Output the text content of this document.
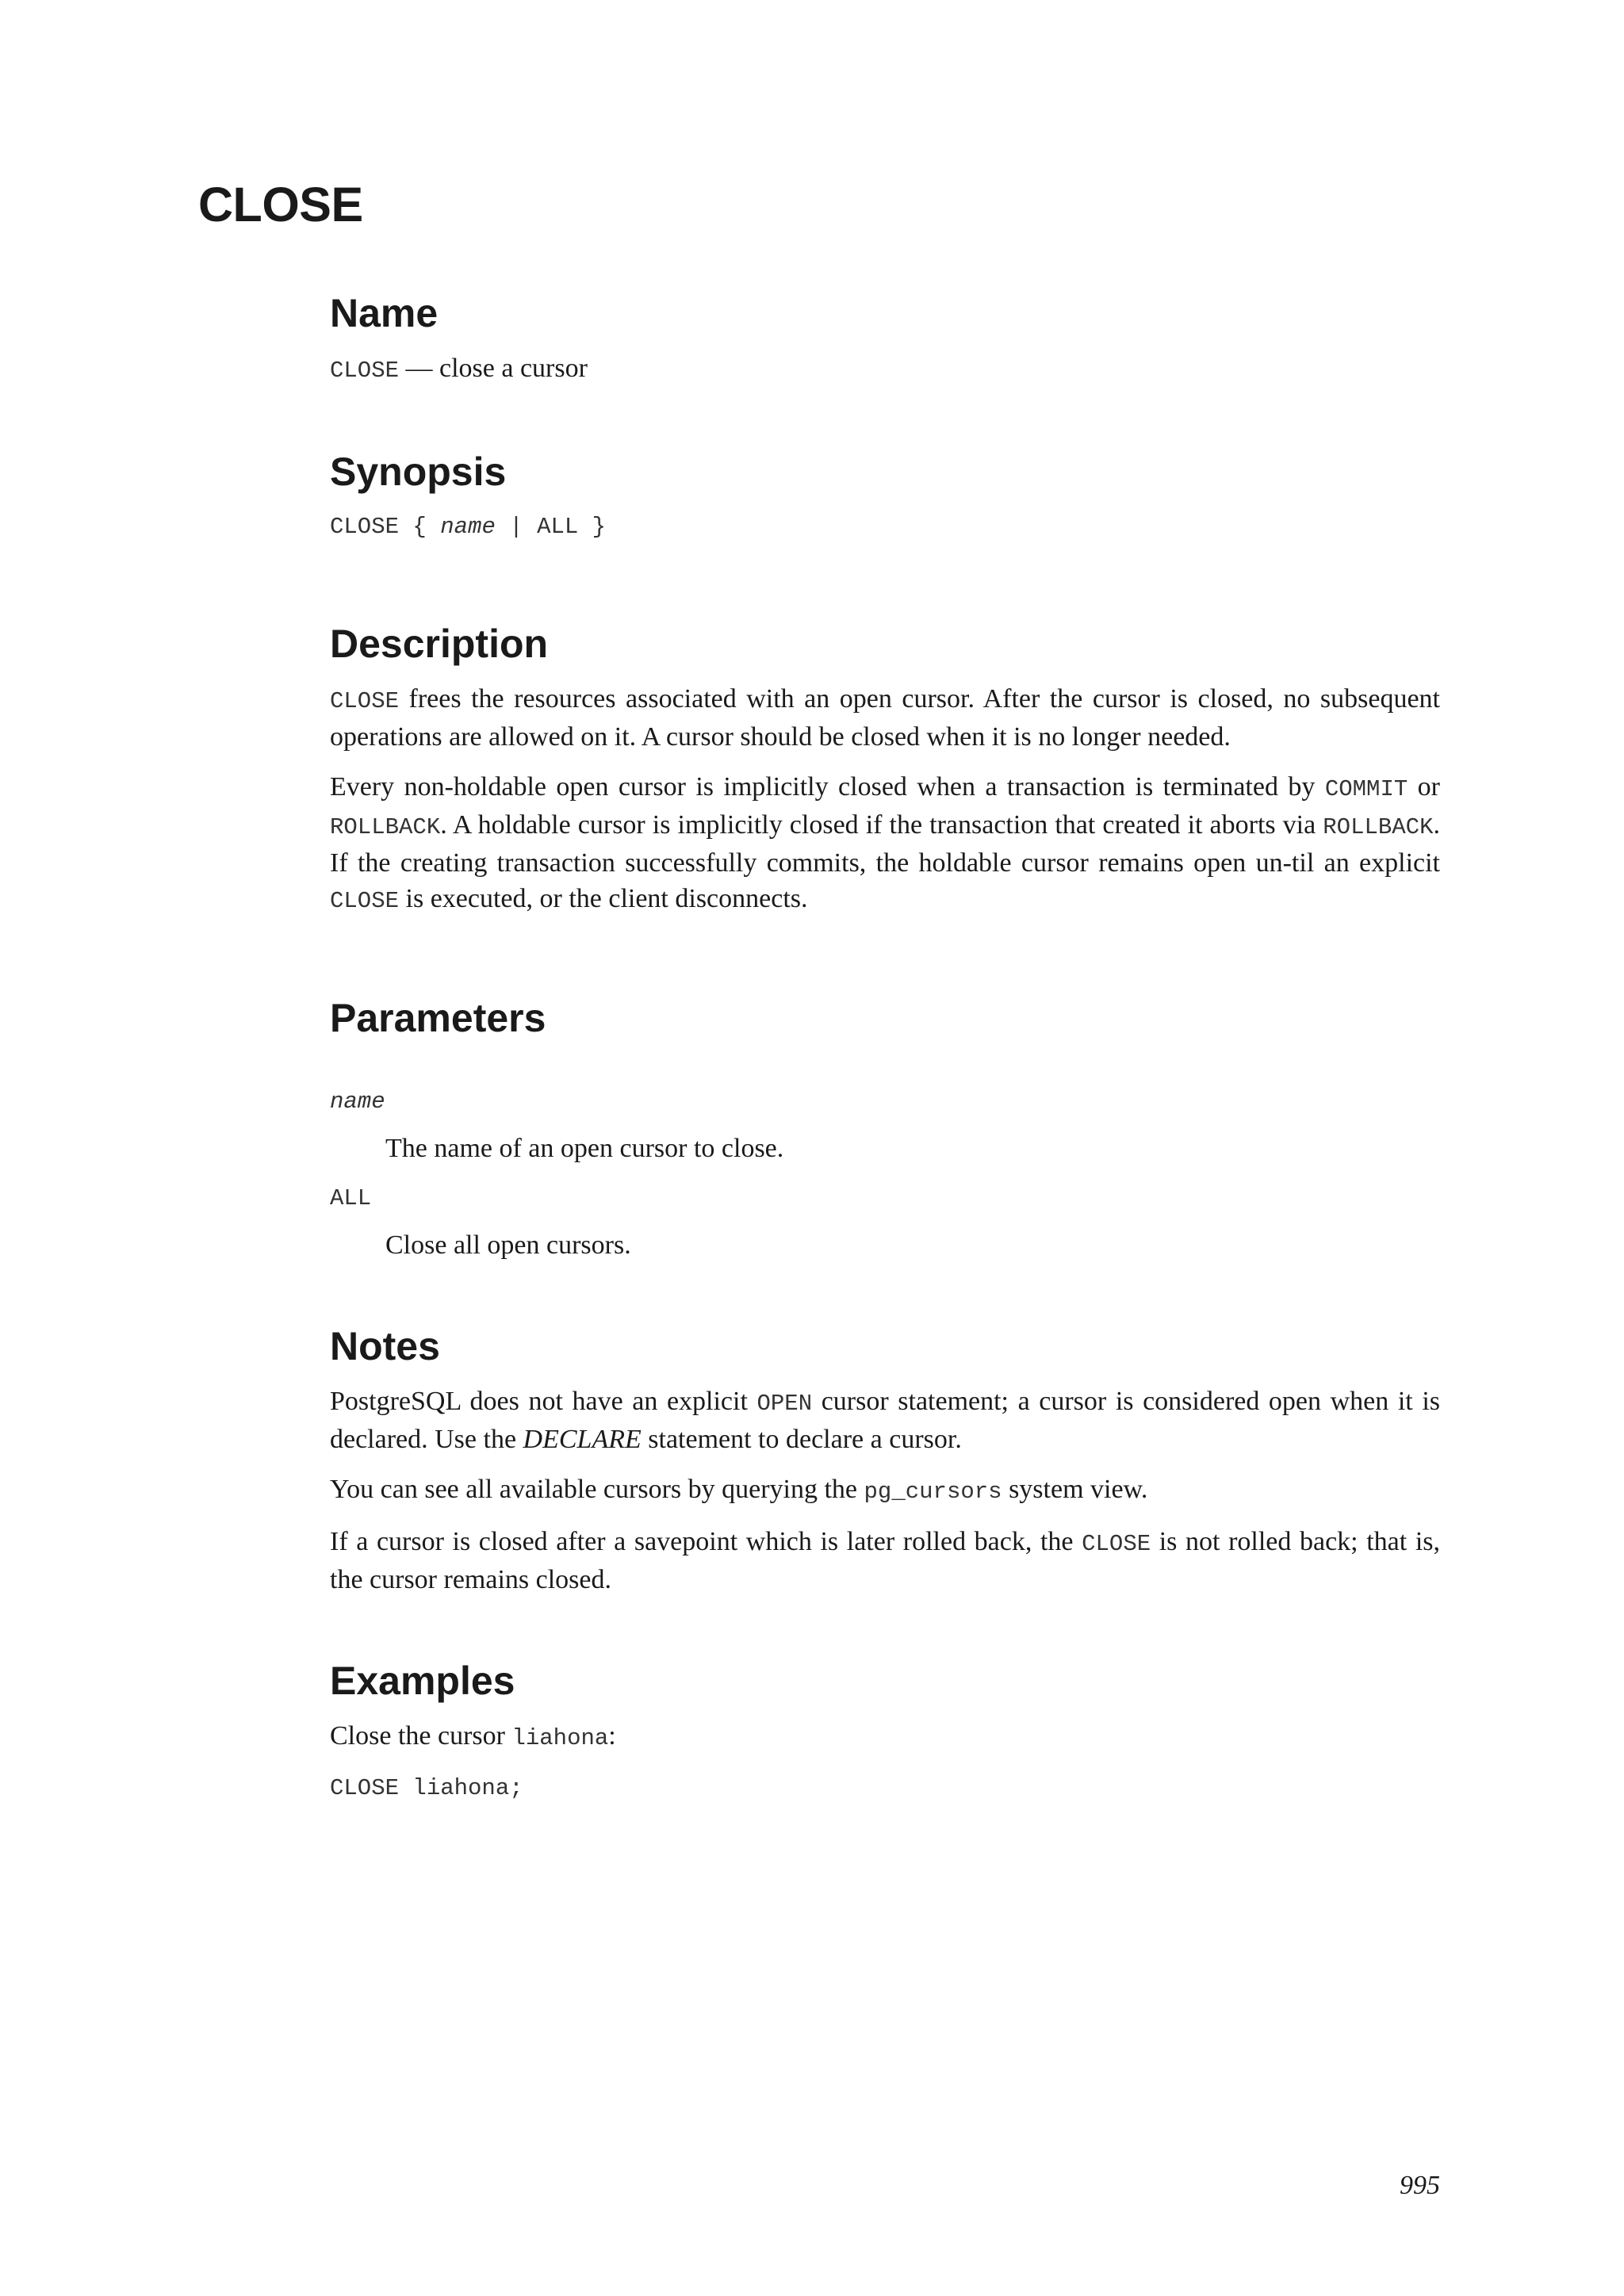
CLOSE
Name

CLOSE — close a cursor

Synopsis
CLOSE { name | ALL }
Description

CLOSE frees the resources associated with an open cursor. After the cursor is closed, no subsequent operations are allowed on it. A cursor should be closed when it is no longer needed.

Every non-holdable open cursor is implicitly closed when a transaction is terminated by COMMIT or ROLLBACK. A holdable cursor is implicitly closed if the transaction that created it aborts via ROLLBACK. If the creating transaction successfully commits, the holdable cursor remains open un-til an explicit CLOSE is executed, or the client disconnects.

Parameters
name
The name of an open cursor to close.
ALL
Close all open cursors.
Notes

PostgreSQL does not have an explicit OPEN cursor statement; a cursor is considered open when it is declared. Use the DECLARE statement to declare a cursor.

You can see all available cursors by querying the pg_cursors system view.

If a cursor is closed after a savepoint which is later rolled back, the CLOSE is not rolled back; that is, the cursor remains closed.

Examples

Close the cursor liahona:

CLOSE liahona;
995
